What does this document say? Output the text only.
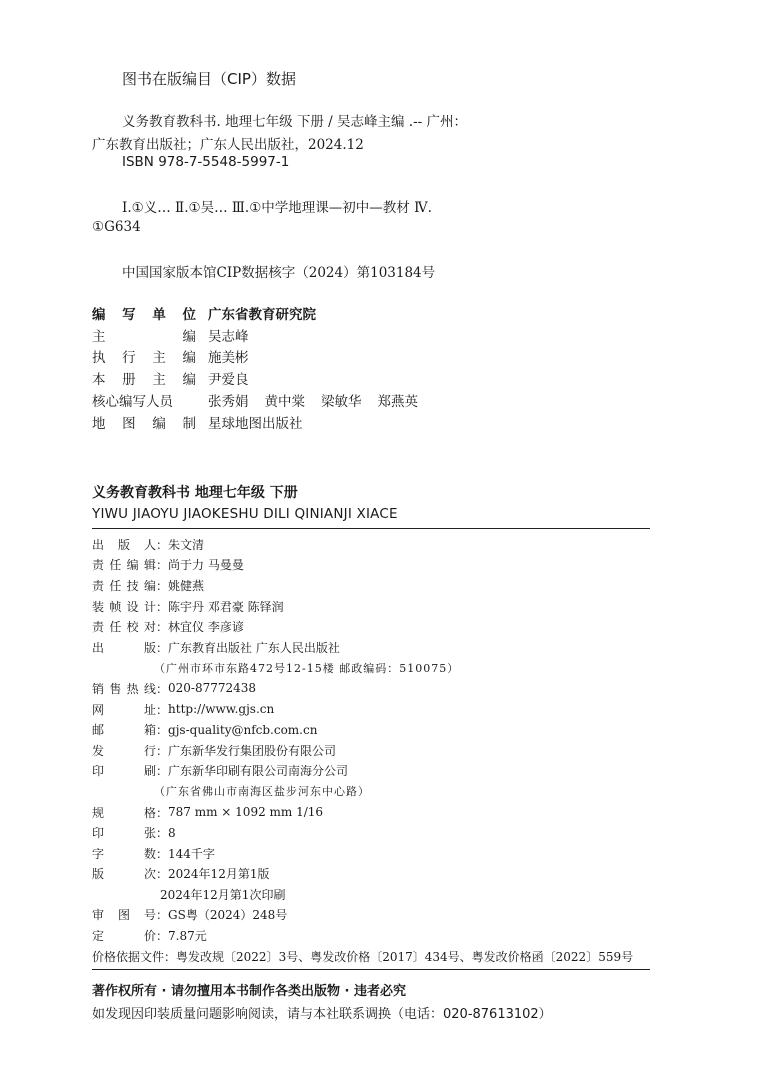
图书在版编目（CIP）数据
义务教育教科书. 地理七年级 下册 / 吴志峰主编 .-- 广州：
广东教育出版社；广东人民出版社，2024.12
ISBN 978-7-5548-5997-1
Ⅰ.①义… Ⅱ.①吴… Ⅲ.①中学地理课—初中—教材 Ⅳ.
①G634
中国国家版本馆CIP数据核字（2024）第103184号
编 写 单 位 广东省教育研究院
主	编 吴志峰
执 行 主 编 施美彬
本 册 主 编 尹爱良
核心编写人员	张秀娟 黄中棠 梁敏华 郑燕英
地 图 编 制 星球地图出版社
义务教育教科书 地理七年级 下册
YIWU JIAOYU JIAOKESHU DILI QINIANJI XIACE
出 版 人 ： 朱文清
责 任 编 辑 ： 尚于力 马曼曼
责 任 技 编 ： 姚健燕
装 帧 设 计 ： 陈宇丹 邓君豪 陈铎润
责 任 校 对 ： 林宜仪 李彦谚
出	版 ： 广东教育出版社 广东人民出版社
（广州市环市东路472号12-15楼 邮政编码：510075）
销 售 热 线 ： 020-87772438
网	址 ： http://www.gjs.cn
邮	箱 ： gjs-quality@nfcb.com.cn
发	行 ： 广东新华发行集团股份有限公司
印	刷 ： 广东新华印刷有限公司南海分公司
（广东省佛山市南海区盐步河东中心路）
规	格 ： 787 mm × 1092 mm 1/16
印	张 ： 8
字	数 ： 144千字
版	次 ： 2024年12月第1版
2024年12月第1次印刷
审 图 号 ： GS粤（2024）248号
定	价 ： 7.87元
价格依据文件 ： 粤发改规〔2022〕3号、粤发改价格〔2017〕434号、粤发改价格函〔2022〕559号
著作权所有 · 请勿擅用本书制作各类出版物 · 违者必究
如发现因印装质量问题影响阅读，请与本社联系调换（电话：020-87613102）
